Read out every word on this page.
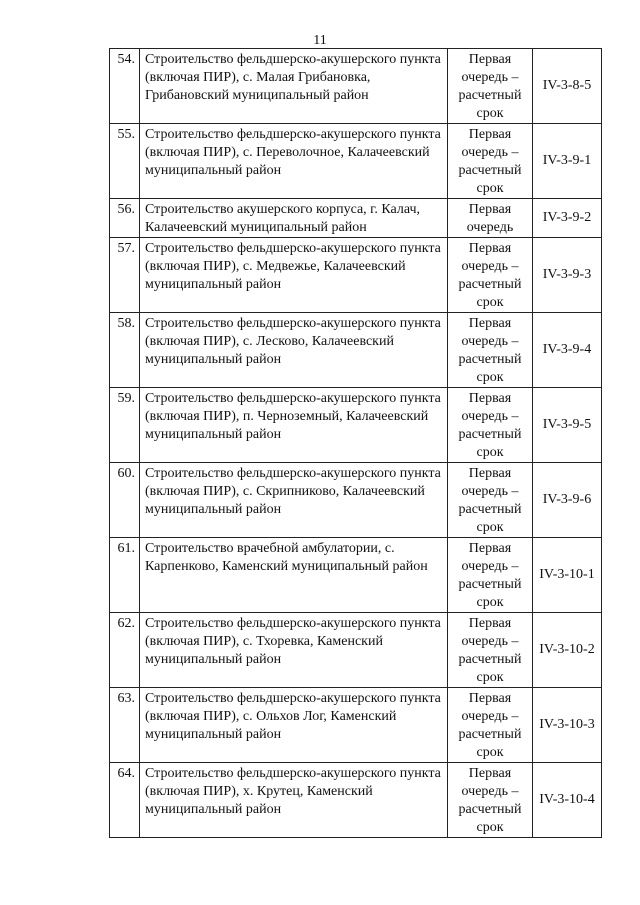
11
54.	Строительство фельдшерско-акушерского пункта (включая ПИР), с. Малая Грибановка, Грибановский муниципальный район	Первая очередь – расчетный срок	IV-3-8-5
55.	Строительство фельдшерско-акушерского пункта (включая ПИР), с. Переволочное, Калачеевский муниципальный район	Первая очередь – расчетный срок	IV-3-9-1
56.	Строительство акушерского корпуса, г. Калач, Калачеевский муниципальный район	Первая очередь	IV-3-9-2
57.	Строительство фельдшерско-акушерского пункта (включая ПИР), с. Медвежье, Калачеевский муниципальный район	Первая очередь – расчетный срок	IV-3-9-3
58.	Строительство фельдшерско-акушерского пункта (включая ПИР), с. Лесково, Калачеевский муниципальный район	Первая очередь – расчетный срок	IV-3-9-4
59.	Строительство фельдшерско-акушерского пункта (включая ПИР), п. Черноземный, Калачеевский муниципальный район	Первая очередь – расчетный срок	IV-3-9-5
60.	Строительство фельдшерско-акушерского пункта (включая ПИР), с. Скрипниково, Калачеевский муниципальный район	Первая очередь – расчетный срок	IV-3-9-6
61.	Строительство врачебной амбулатории, с. Карпенково, Каменский муниципальный район	Первая очередь – расчетный срок	IV-3-10-1
62.	Строительство фельдшерско-акушерского пункта (включая ПИР), с. Тхоревка, Каменский муниципальный район	Первая очередь – расчетный срок	IV-3-10-2
63.	Строительство фельдшерско-акушерского пункта (включая ПИР), с. Ольхов Лог, Каменский муниципальный район	Первая очередь – расчетный срок	IV-3-10-3
64.	Строительство фельдшерско-акушерского пункта (включая ПИР), х. Крутец, Каменский муниципальный район	Первая очередь – расчетный срок	IV-3-10-4
